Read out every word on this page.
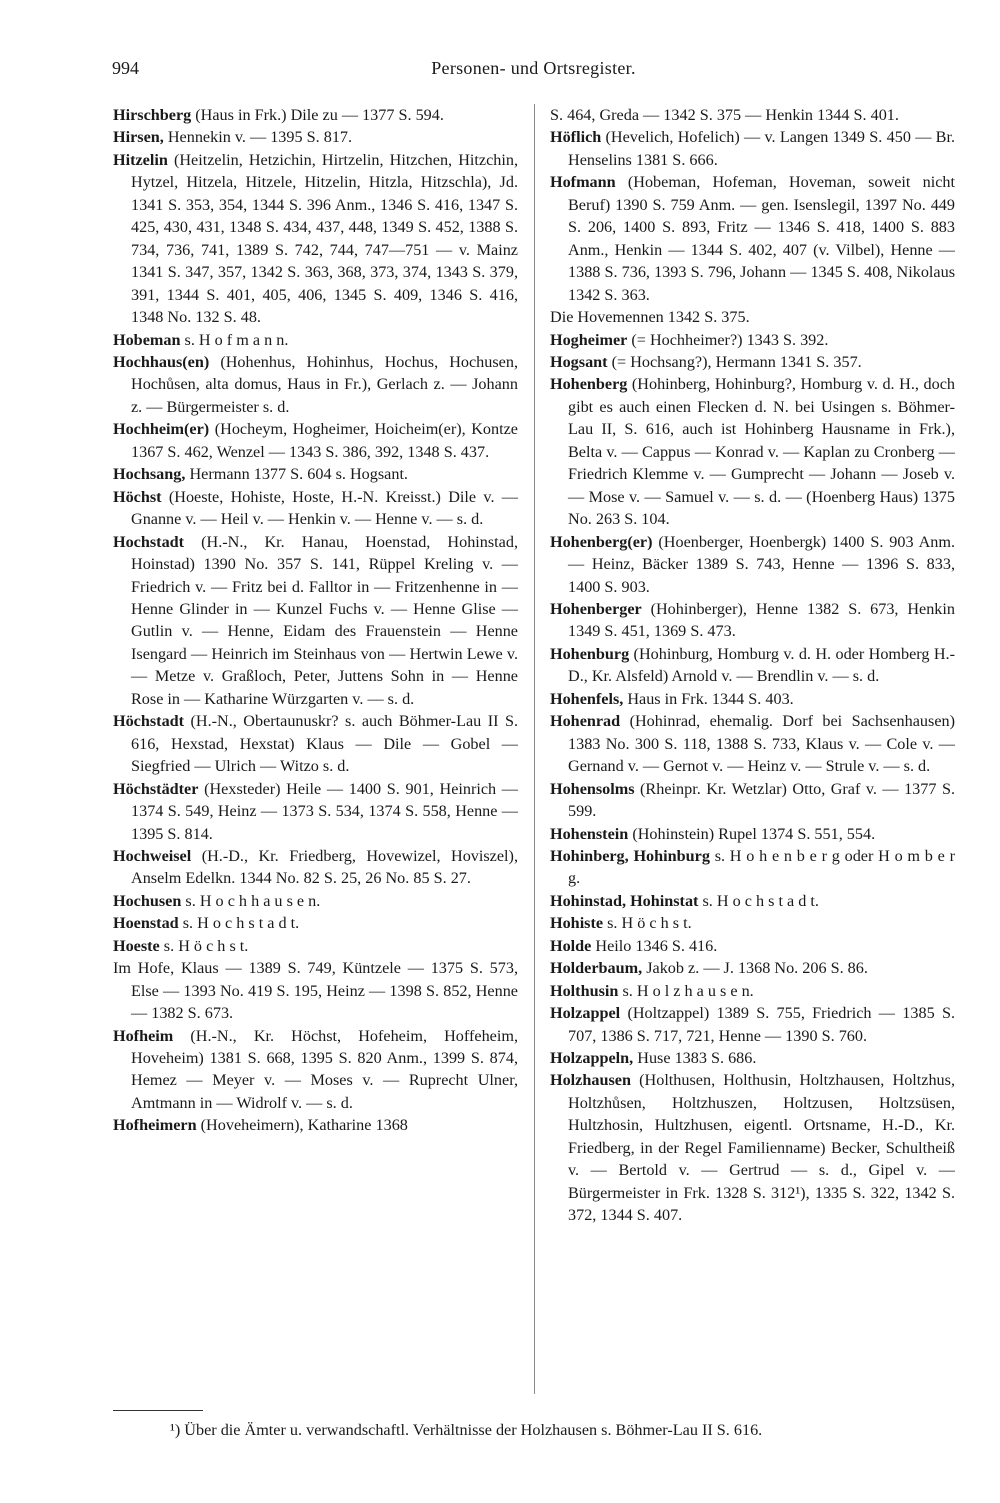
994	Personen- und Ortsregister.

Hirschberg (Haus in Frk.) Dile zu — 1377 S. 594.

Hirsen, Hennekin v. — 1395 S. 817.

Hitzelin (Heitzelin, Hetzichin, Hirtzelin, Hitzchen, Hitzchin, Hytzel, Hitzela, Hitzele, Hitzelin, Hitzla, Hitzschla), Jd. 1341 S. 353, 354, 1344 S. 396 Anm., 1346 S. 416, 1347 S. 425, 430, 431, 1348 S. 434, 437, 448, 1349 S. 452, 1388 S. 734, 736, 741, 1389 S. 742, 744, 747—751 — v. Mainz 1341 S. 347, 357, 1342 S. 363, 368, 373, 374, 1343 S. 379, 391, 1344 S. 401, 405, 406, 1345 S. 409, 1346 S. 416, 1348 No. 132 S. 48.

Hobeman s. H o f m a n n.

Hochhaus(en) (Hohenhus, Hohinhus, Hochus, Hochusen, Hochůsen, alta domus, Haus in Fr.), Gerlach z. — Johann z. — Bürgermeister s. d.

Hochheim(er) (Hocheym, Hogheimer, Hoicheim(er), Kontze 1367 S. 462, Wenzel — 1343 S. 386, 392, 1348 S. 437.

Hochsang, Hermann 1377 S. 604 s. Hogsant.

Höchst (Hoeste, Hohiste, Hoste, H.-N. Kreisst.) Dile v. — Gnanne v. — Heil v. — Henkin v. — Henne v. — s. d.

Hochstadt (H.-N., Kr. Hanau, Hoenstad, Hohinstad, Hoinstad) 1390 No. 357 S. 141, Rüppel Kreling v. — Friedrich v. — Fritz bei d. Falltor in — Fritzenhenne in — Henne Glinder in — Kunzel Fuchs v. — Henne Glise — Gutlin v. — Henne, Eidam des Frauenstein — Henne Isengard — Heinrich im Steinhaus von — Hertwin Lewe v. — Metze v. Graßloch, Peter, Juttens Sohn in — Henne Rose in — Katharine Würzgarten v. — s. d.

Höchstadt (H.-N., Obertaunuskr? s. auch Böhmer-Lau II S. 616, Hexstad, Hexstat) Klaus — Dile — Gobel — Siegfried — Ulrich — Witzo s. d.

Höchstädter (Hexsteder) Heile — 1400 S. 901, Heinrich — 1374 S. 549, Heinz — 1373 S. 534, 1374 S. 558, Henne — 1395 S. 814.

Hochweisel (H.-D., Kr. Friedberg, Hovewizel, Hoviszel), Anselm Edelkn. 1344 No. 82 S. 25, 26 No. 85 S. 27.

Hochusen s. H o c h h a u s e n.

Hoenstad s. H o c h s t a d t.

Hoeste s. H ö c h s t.

Im Hofe, Klaus — 1389 S. 749, Küntzele — 1375 S. 573, Else — 1393 No. 419 S. 195, Heinz — 1398 S. 852, Henne — 1382 S. 673.

Hofheim (H.-N., Kr. Höchst, Hofeheim, Hoffeheim, Hoveheim) 1381 S. 668, 1395 S. 820 Anm., 1399 S. 874, Hemez — Meyer v. — Moses v. — Ruprecht Ulner, Amtmann in — Widrolf v. — s. d.

Hofheimern (Hoveheimern), Katharine 1368

S. 464, Greda — 1342 S. 375 — Henkin 1344 S. 401.

Höflich (Hevelich, Hofelich) — v. Langen 1349 S. 450 — Br. Henselins 1381 S. 666.

Hofmann (Hobeman, Hofeman, Hoveman, soweit nicht Beruf) 1390 S. 759 Anm. — gen. Isenslegil, 1397 No. 449 S. 206, 1400 S. 893, Fritz — 1346 S. 418, 1400 S. 883 Anm., Henkin — 1344 S. 402, 407 (v. Vilbel), Henne — 1388 S. 736, 1393 S. 796, Johann — 1345 S. 408, Nikolaus 1342 S. 363.

Die Hovemennen 1342 S. 375.

Hogheimer (= Hochheimer?) 1343 S. 392.

Hogsant (= Hochsang?), Hermann 1341 S. 357.

Hohenberg (Hohinberg, Hohinburg?, Homburg v. d. H., doch gibt es auch einen Flecken d. N. bei Usingen s. Böhmer-Lau II, S. 616, auch ist Hohinberg Hausname in Frk.), Belta v. — Cappus — Konrad v. — Kaplan zu Cronberg — Friedrich Klemme v. — Gumprecht — Johann — Joseb v. — Mose v. — Samuel v. — s. d. — (Hoenberg Haus) 1375 No. 263 S. 104.

Hohenberg(er) (Hoenberger, Hoenbergk) 1400 S. 903 Anm. — Heinz, Bäcker 1389 S. 743, Henne — 1396 S. 833, 1400 S. 903.

Hohenberger (Hohinberger), Henne 1382 S. 673, Henkin 1349 S. 451, 1369 S. 473.

Hohenburg (Hohinburg, Homburg v. d. H. oder Homberg H.-D., Kr. Alsfeld) Arnold v. — Brendlin v. — s. d.

Hohenfels, Haus in Frk. 1344 S. 403.

Hohenrad (Hohinrad, ehemalig. Dorf bei Sachsenhausen) 1383 No. 300 S. 118, 1388 S. 733, Klaus v. — Cole v. — Gernand v. — Gernot v. — Heinz v. — Strule v. — s. d.

Hohensolms (Rheinpr. Kr. Wetzlar) Otto, Graf v. — 1377 S. 599.

Hohenstein (Hohinstein) Rupel 1374 S. 551, 554.

Hohinberg, Hohinburg s. H o h e n b e r g oder H o m b e r g.

Hohinstad, Hohinstat s. H o c h s t a d t.

Hohiste s. H ö c h s t.

Holde Heilo 1346 S. 416.

Holderbaum, Jakob z. — J. 1368 No. 206 S. 86.

Holthusin s. H o l z h a u s e n.

Holzappel (Holtzappel) 1389 S. 755, Friedrich — 1385 S. 707, 1386 S. 717, 721, Henne — 1390 S. 760.

Holzappeln, Huse 1383 S. 686.

Holzhausen (Holthusen, Holthusin, Holtzhausen, Holtzhus, Holtzhůsen, Holtzhuszen, Holtzusen, Holtzsüsen, Hultzhosin, Hultzhusen, eigentl. Ortsname, H.-D., Kr. Friedberg, in der Regel Familienname) Becker, Schultheiß v. — Bertold v. — Gertrud — s. d., Gipel v. — Bürgermeister in Frk. 1328 S. 312¹), 1335 S. 322, 1342 S. 372, 1344 S. 407.

¹) Über die Ämter u. verwandschaftl. Verhältnisse der Holzhausen s. Böhmer-Lau II S. 616.
